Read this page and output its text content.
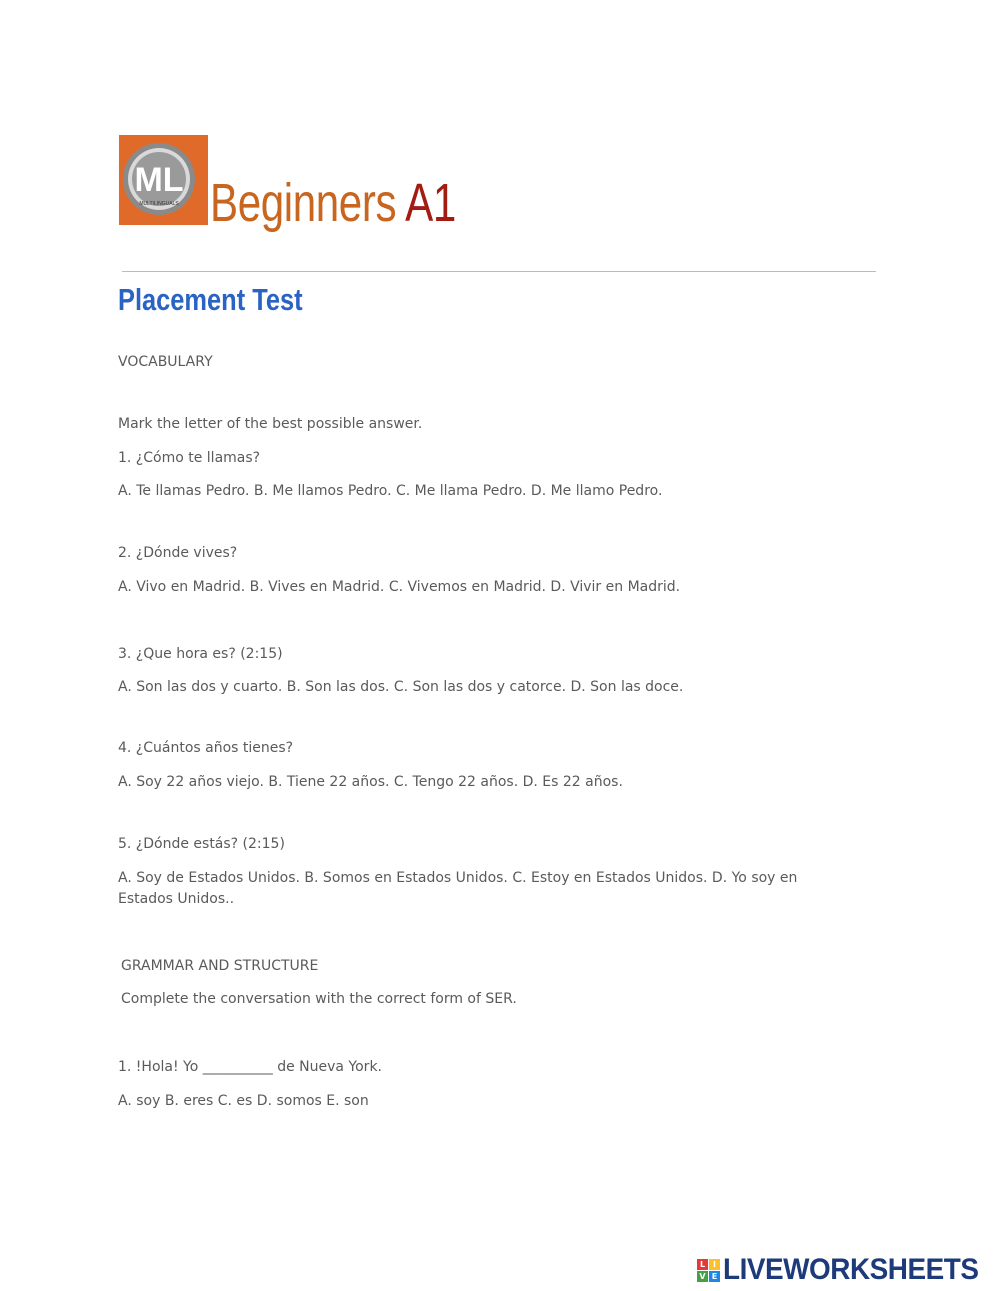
ML
MULTILINGUALS Beginners A1
Placement Test
VOCABULARY
Mark the letter of the best possible answer.
1. ¿Cómo te llamas?
A. Te llamas Pedro. B. Me llamos Pedro. C. Me llama Pedro. D. Me llamo Pedro.
2. ¿Dónde vives?
A. Vivo en Madrid. B. Vives en Madrid. C. Vivemos en Madrid. D. Vivir en Madrid.
3. ¿Que hora es? (2:15)
A. Son las dos y cuarto. B. Son las dos. C. Son las dos y catorce. D. Son las doce.
4. ¿Cuántos años tienes?
A. Soy 22 años viejo. B. Tiene 22 años. C. Tengo 22 años. D. Es 22 años.
5. ¿Dónde estás? (2:15)
A. Soy de Estados Unidos. B. Somos en Estados Unidos. C. Estoy en Estados Unidos. D. Yo soy en Estados Unidos..
GRAMMAR AND STRUCTURE
Complete the conversation with the correct form of SER.
1. !Hola! Yo __________ de Nueva York.
A. soy B. eres C. es D. somos E. son
L I
V E LIVEWORKSHEETS
